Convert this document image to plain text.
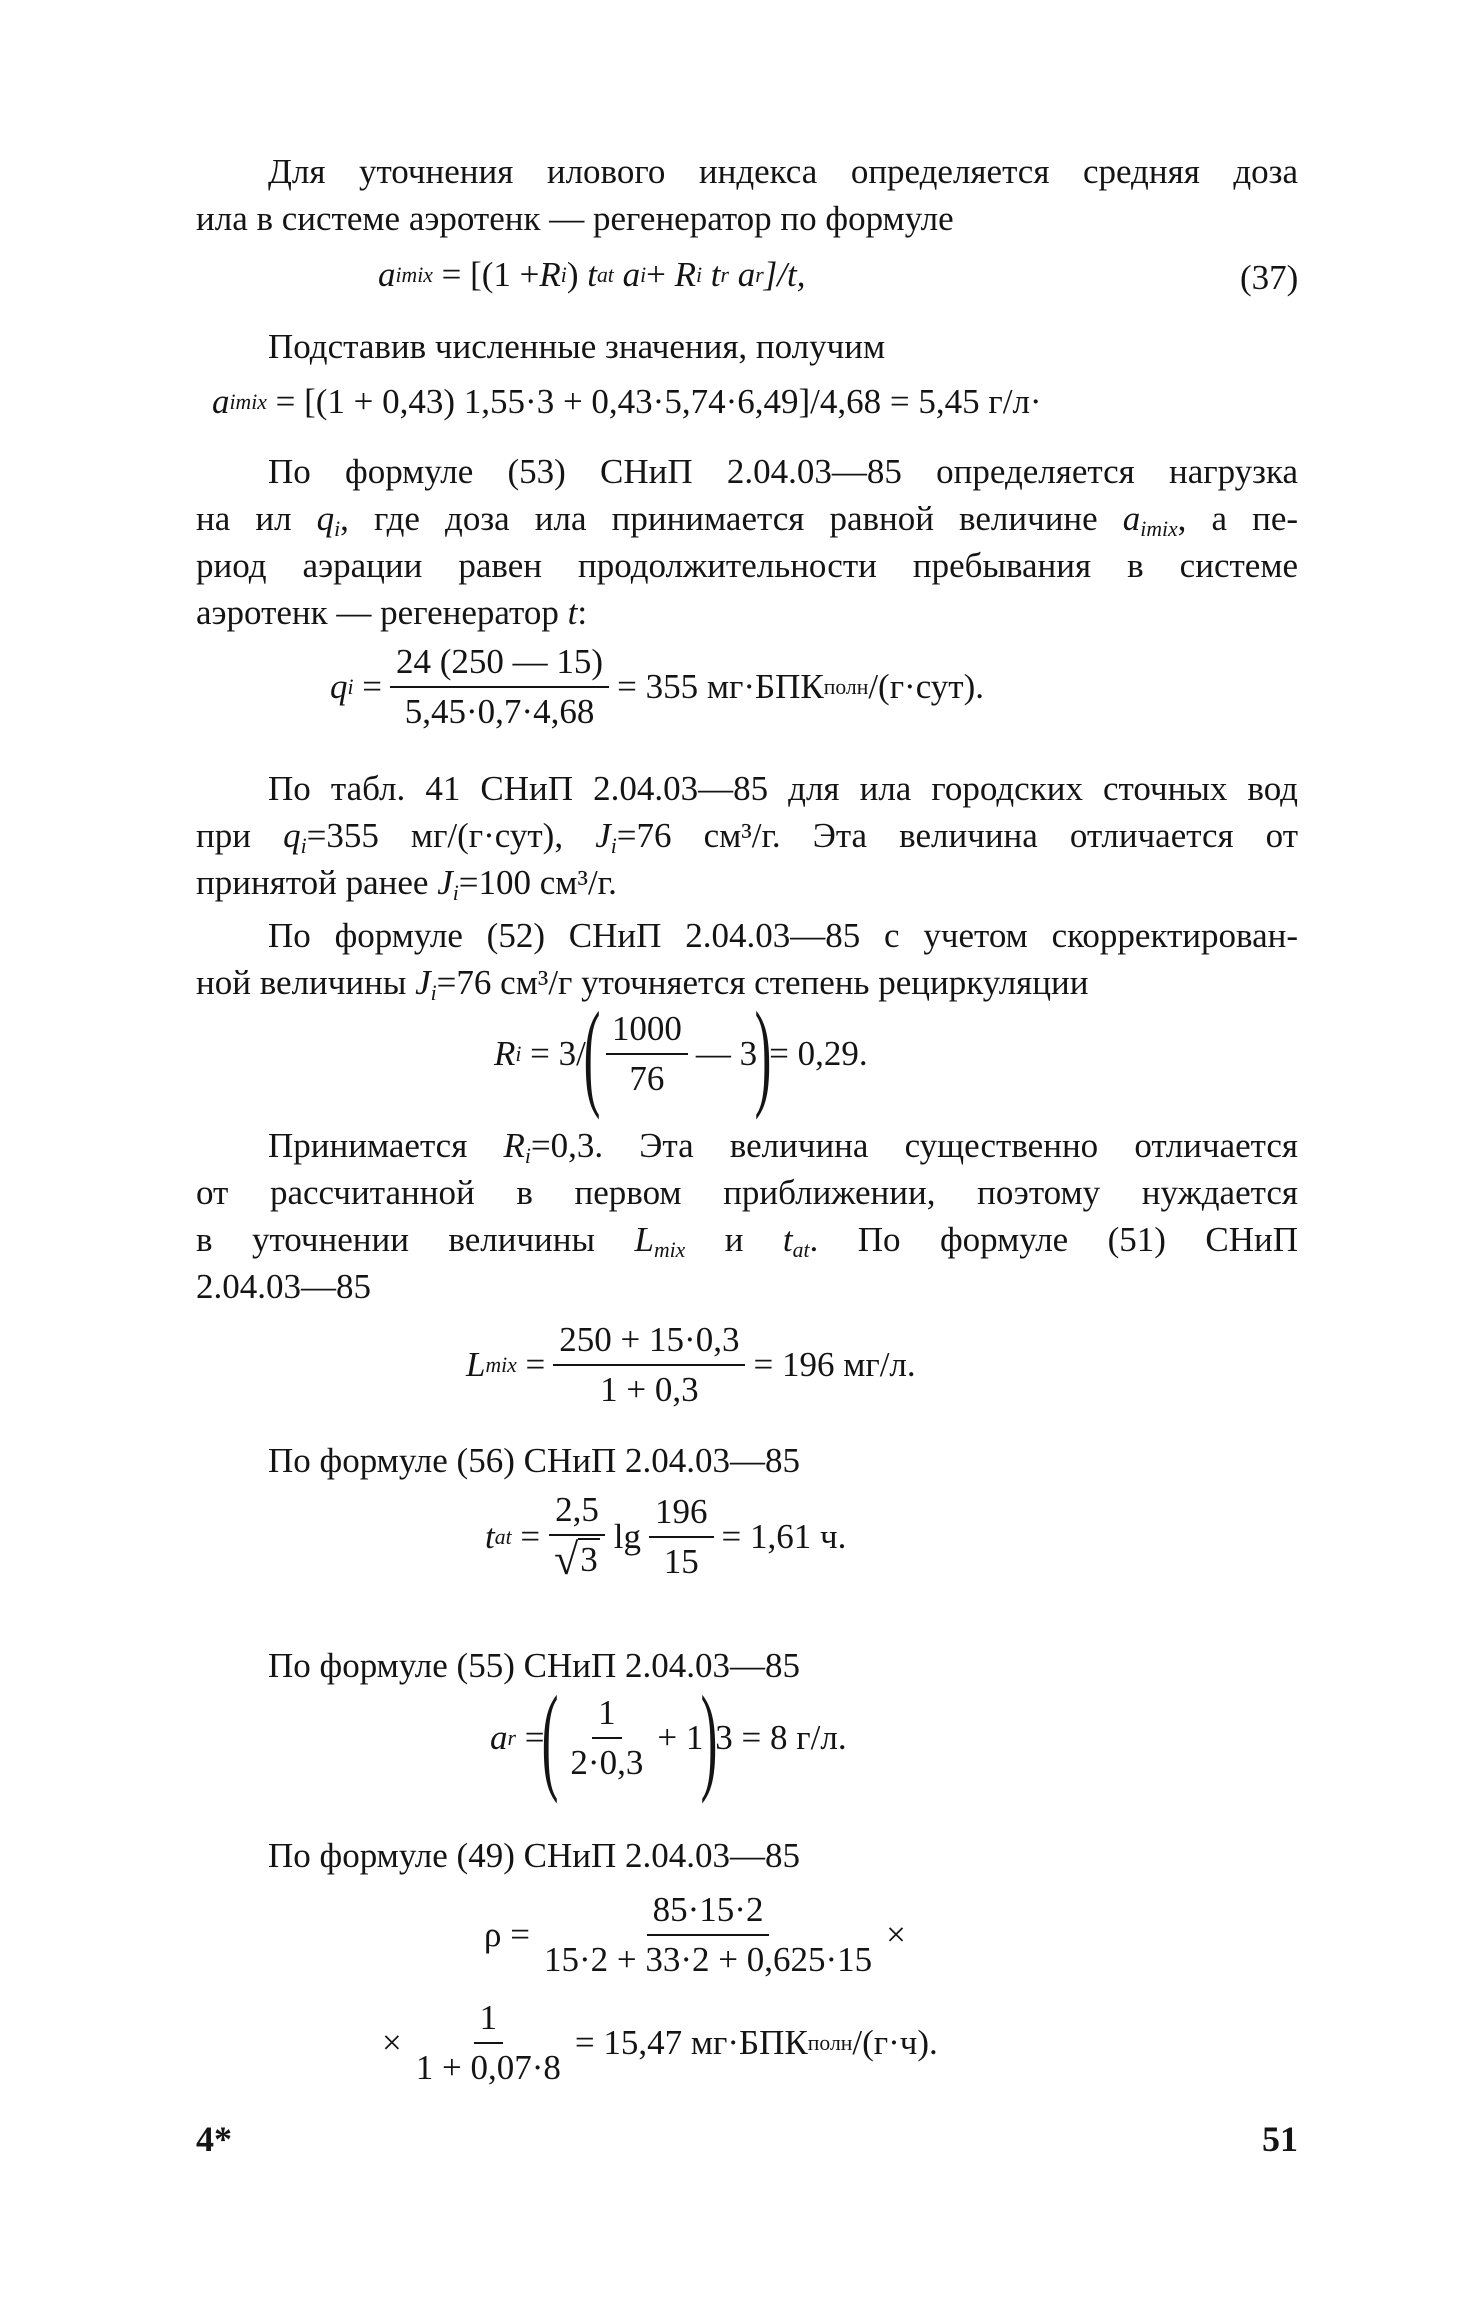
Для уточнения илового индекса определяется средняя доза
ила в системе аэротенк — регенератор по формуле
a imix
= [(1 + R i )
t at
a i +
R i
t r
a r ]/t,	(37)
Подставив численные значения, получим
a imix
= [(1 + 0,43) 1,55·3 + 0,43·5,74·6,49]/4,68 = 5,45 г/л·
По формуле (53) СНиП 2.04.03—85 определяется нагрузка
на ил $q_i$, где доза ила принимается равной величине $a_{imix}$, а пе-
риод аэрации равен продолжительности пребывания в системе
аэротенк — регенератор t:
q i
= $\frac{24 (250 — 15)}{5,45\cdot 0,7\cdot 4,68} = 355$ мг·БПК полн /(г·сут).
По табл. 41 СНиП 2.04.03—85 для ила городских сточных вод
при $q_i=355$ мг/(г·сут), $J_i=76$ см³/г. Эта величина отличается от
принятой ранее $J_i=100$ см³/г.
По формуле (52) СНиП 2.04.03—85 с учетом скорректирован-
ной величины $J_i=76$ см³/г уточняется степень рециркуляции
R i
= 3/
( $\frac{1000}{76}$ — 3
)
= 0,29.
Принимается $R_i=0,3$. Эта величина существенно отличается
от рассчитанной в первом приближении, поэтому нуждается
в уточнении величины $L_{mix}$ и $t_{at}$. По формуле (51) СНиП
2.04.03—85
L mix
= $\frac{250 + 15\cdot 0,3}{1 + 0,3} = 196$ мг/л.
По формуле (56) СНиП 2.04.03—85
t at
= $\frac{2,5}{√ 3}$ $\lg \frac{196}{15} = 1,61$ ч.
По формуле (55) СНиП 2.04.03—85
a r
=
( $\frac{1}{2\cdot 0,3} + 1$
)
3 = 8 г/л.
По формуле (49) СНиП 2.04.03—85
ρ
= $\frac{85\cdot 15\cdot 2}{15\cdot 2 + 33\cdot 2 + 0,625\cdot 15}$ ×
× $\frac{1}{1 + 0,07\cdot 8} = 15,47$ мг·БПК полн /(г·ч).
4*	51
